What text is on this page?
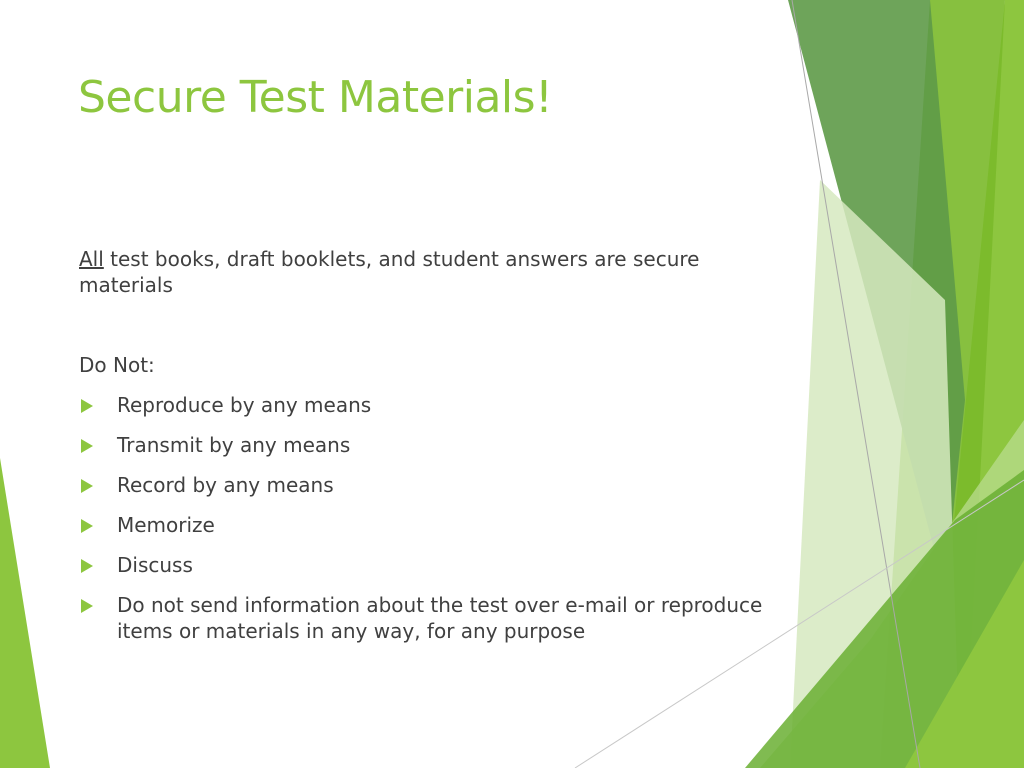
Secure Test Materials!

All test books, draft booklets, and student answers are secure materials

Do Not:

Reproduce by any means
Transmit by any means
Record by any means
Memorize
Discuss
Do not send information about the test over e-mail or reproduce items or materials in any way, for any purpose
